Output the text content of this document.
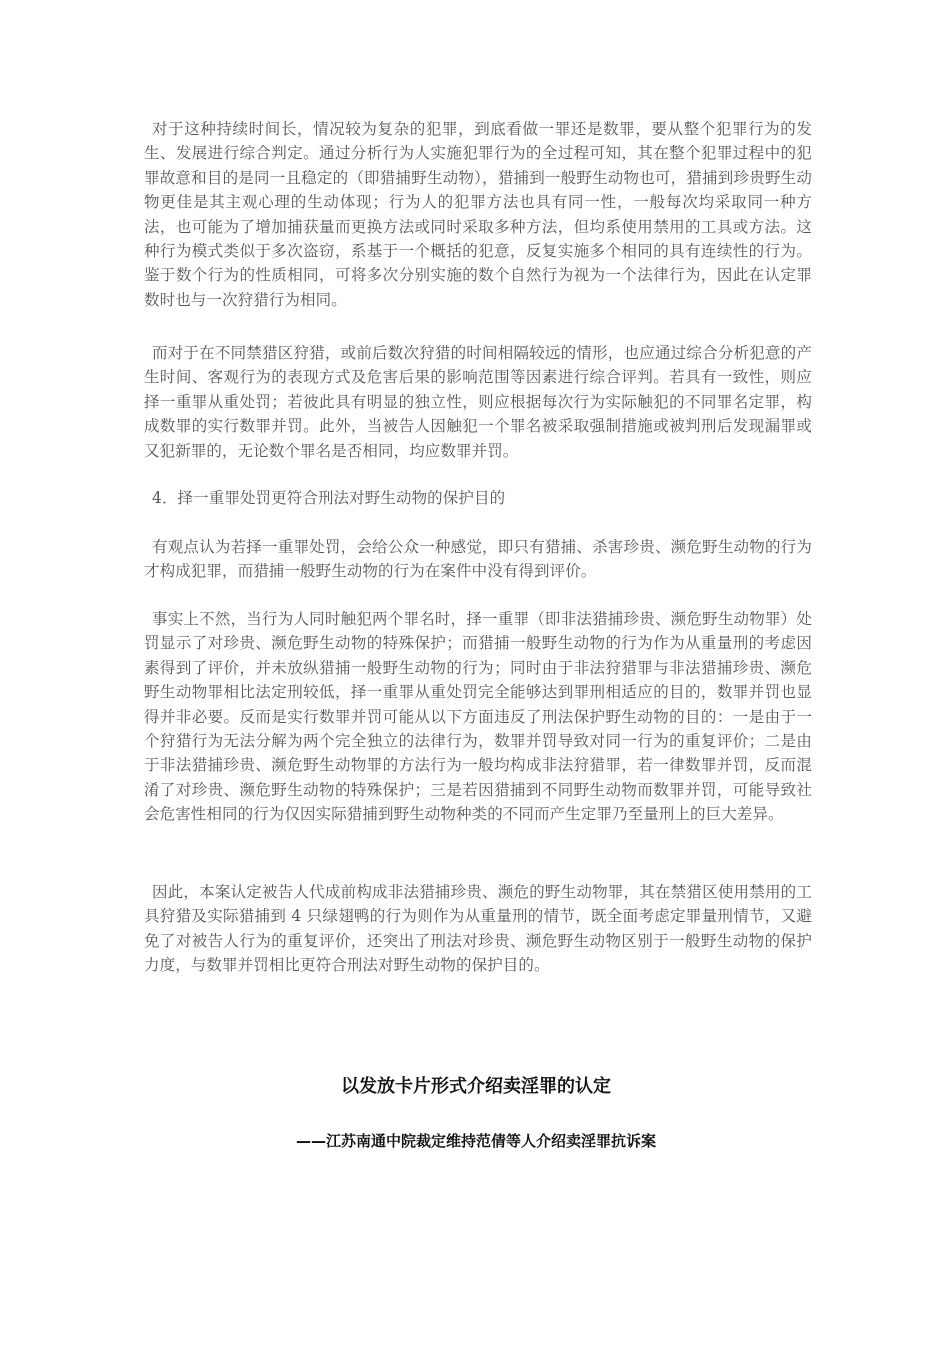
对于这种持续时间长，情况较为复杂的犯罪，到底看做一罪还是数罪，要从整个犯罪行为的发生、发展进行综合判定。通过分析行为人实施犯罪行为的全过程可知，其在整个犯罪过程中的犯罪故意和目的是同一且稳定的（即猎捕野生动物），猎捕到一般野生动物也可，猎捕到珍贵野生动物更佳是其主观心理的生动体现；行为人的犯罪方法也具有同一性，一般每次均采取同一种方法，也可能为了增加捕获量而更换方法或同时采取多种方法，但均系使用禁用的工具或方法。这种行为模式类似于多次盗窃，系基于一个概括的犯意，反复实施多个相同的具有连续性的行为。鉴于数个行为的性质相同，可将多次分别实施的数个自然行为视为一个法律行为，因此在认定罪数时也与一次狩猎行为相同。

而对于在不同禁猎区狩猎，或前后数次狩猎的时间相隔较远的情形，也应通过综合分析犯意的产生时间、客观行为的表现方式及危害后果的影响范围等因素进行综合评判。若具有一致性，则应择一重罪从重处罚；若彼此具有明显的独立性，则应根据每次行为实际触犯的不同罪名定罪，构成数罪的实行数罪并罚。此外，当被告人因触犯一个罪名被采取强制措施或被判刑后发现漏罪或又犯新罪的，无论数个罪名是否相同，均应数罪并罚。

4．择一重罪处罚更符合刑法对野生动物的保护目的

有观点认为若择一重罪处罚，会给公众一种感觉，即只有猎捕、杀害珍贵、濒危野生动物的行为才构成犯罪，而猎捕一般野生动物的行为在案件中没有得到评价。

事实上不然，当行为人同时触犯两个罪名时，择一重罪（即非法猎捕珍贵、濒危野生动物罪）处罚显示了对珍贵、濒危野生动物的特殊保护；而猎捕一般野生动物的行为作为从重量刑的考虑因素得到了评价，并未放纵猎捕一般野生动物的行为；同时由于非法狩猎罪与非法猎捕珍贵、濒危野生动物罪相比法定刑较低，择一重罪从重处罚完全能够达到罪刑相适应的目的，数罪并罚也显得并非必要。反而是实行数罪并罚可能从以下方面违反了刑法保护野生动物的目的：一是由于一个狩猎行为无法分解为两个完全独立的法律行为，数罪并罚导致对同一行为的重复评价；二是由于非法猎捕珍贵、濒危野生动物罪的方法行为一般均构成非法狩猎罪，若一律数罪并罚，反而混淆了对珍贵、濒危野生动物的特殊保护；三是若因猎捕到不同野生动物而数罪并罚，可能导致社会危害性相同的行为仅因实际猎捕到野生动物种类的不同而产生定罪乃至量刑上的巨大差异。

因此，本案认定被告人代成前构成非法猎捕珍贵、濒危的野生动物罪，其在禁猎区使用禁用的工具狩猎及实际猎捕到 4 只绿翅鸭的行为则作为从重量刑的情节，既全面考虑定罪量刑情节，又避免了对被告人行为的重复评价，还突出了刑法对珍贵、濒危野生动物区别于一般野生动物的保护力度，与数罪并罚相比更符合刑法对野生动物的保护目的。

以发放卡片形式介绍卖淫罪的认定
——江苏南通中院裁定维持范倩等人介绍卖淫罪抗诉案
